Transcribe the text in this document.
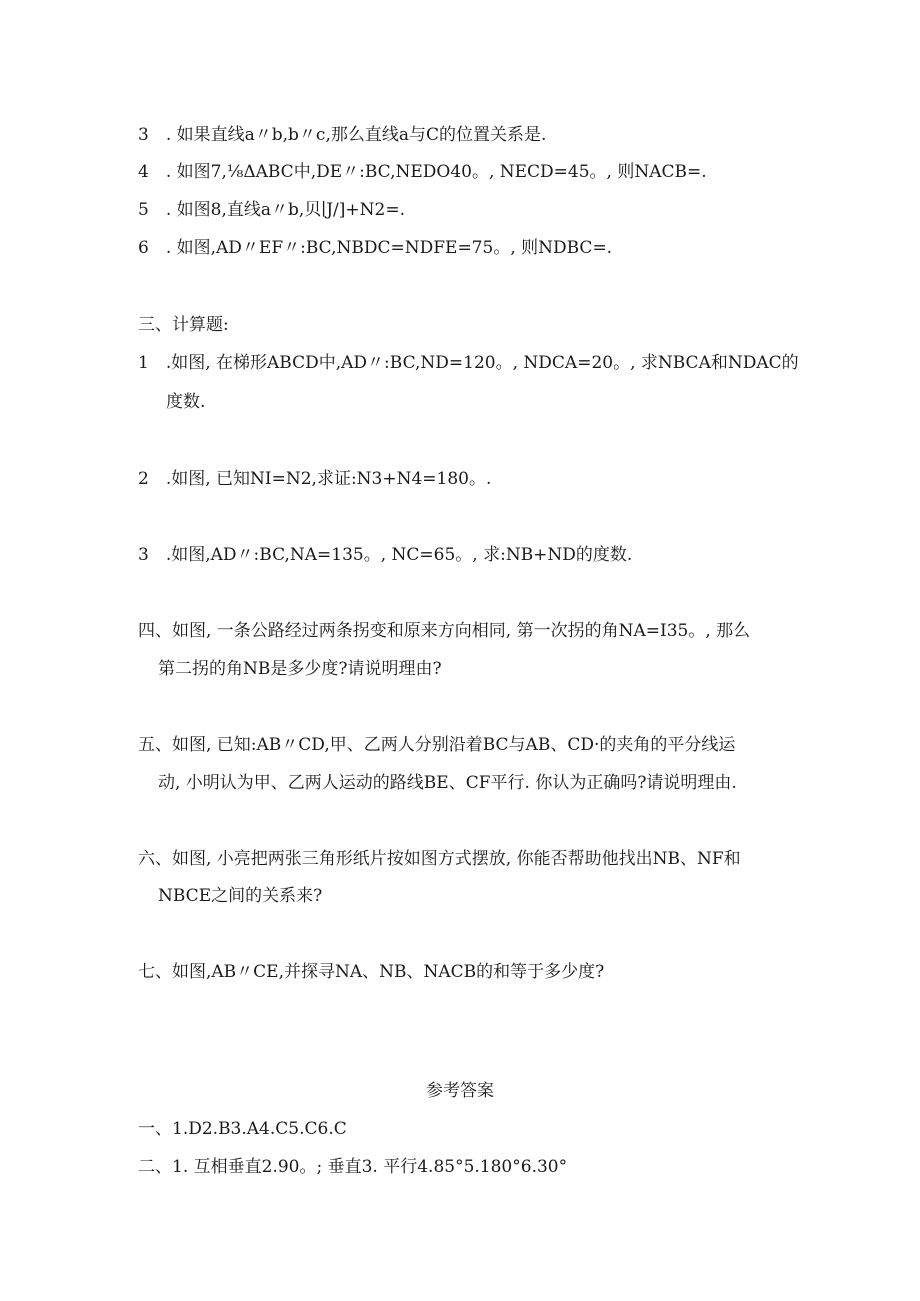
3　. 如果直线a〃b,b〃c,那么直线a与C的位置关系是.
4　. 如图7,⅛ΔABC中,DE〃:BC,NEDO40。, NECD=45。, 则NACB=.
5　. 如图8,直线a〃b,贝∣J∕]+N2=.
6　. 如图,AD〃EF〃:BC,NBDC=NDFE=75。, 则NDBC=.
三、计算题:
1　.如图, 在梯形ABCD中,AD〃:BC,ND=120。, NDCA=20。, 求NBCA和NDAC的
度数.
2　.如图, 已知NI=N2,求证:N3+N4=180。.
3　.如图,AD〃:BC,NA=135。, NC=65。, 求:NB+ND的度数.
四、如图, 一条公路经过两条拐变和原来方向相同, 第一次拐的角NA=I35。, 那么
第二拐的角NB是多少度?请说明理由?
五、如图, 已知:AB〃CD,甲、乙两人分别沿着BC与AB、CD·的夹角的平分线运
动, 小明认为甲、乙两人运动的路线BE、CF平行. 你认为正确吗?请说明理由.
六、如图, 小亮把两张三角形纸片按如图方式摆放, 你能否帮助他找出NB、NF和
NBCE之间的关系来?
七、如图,AB〃CE,并探寻NA、NB、NACB的和等于多少度?
参考答案
一、1.D2.B3.A4.C5.C6.C
二、1. 互相垂直2.90。; 垂直3. 平行4.85°5.180°6.30°
